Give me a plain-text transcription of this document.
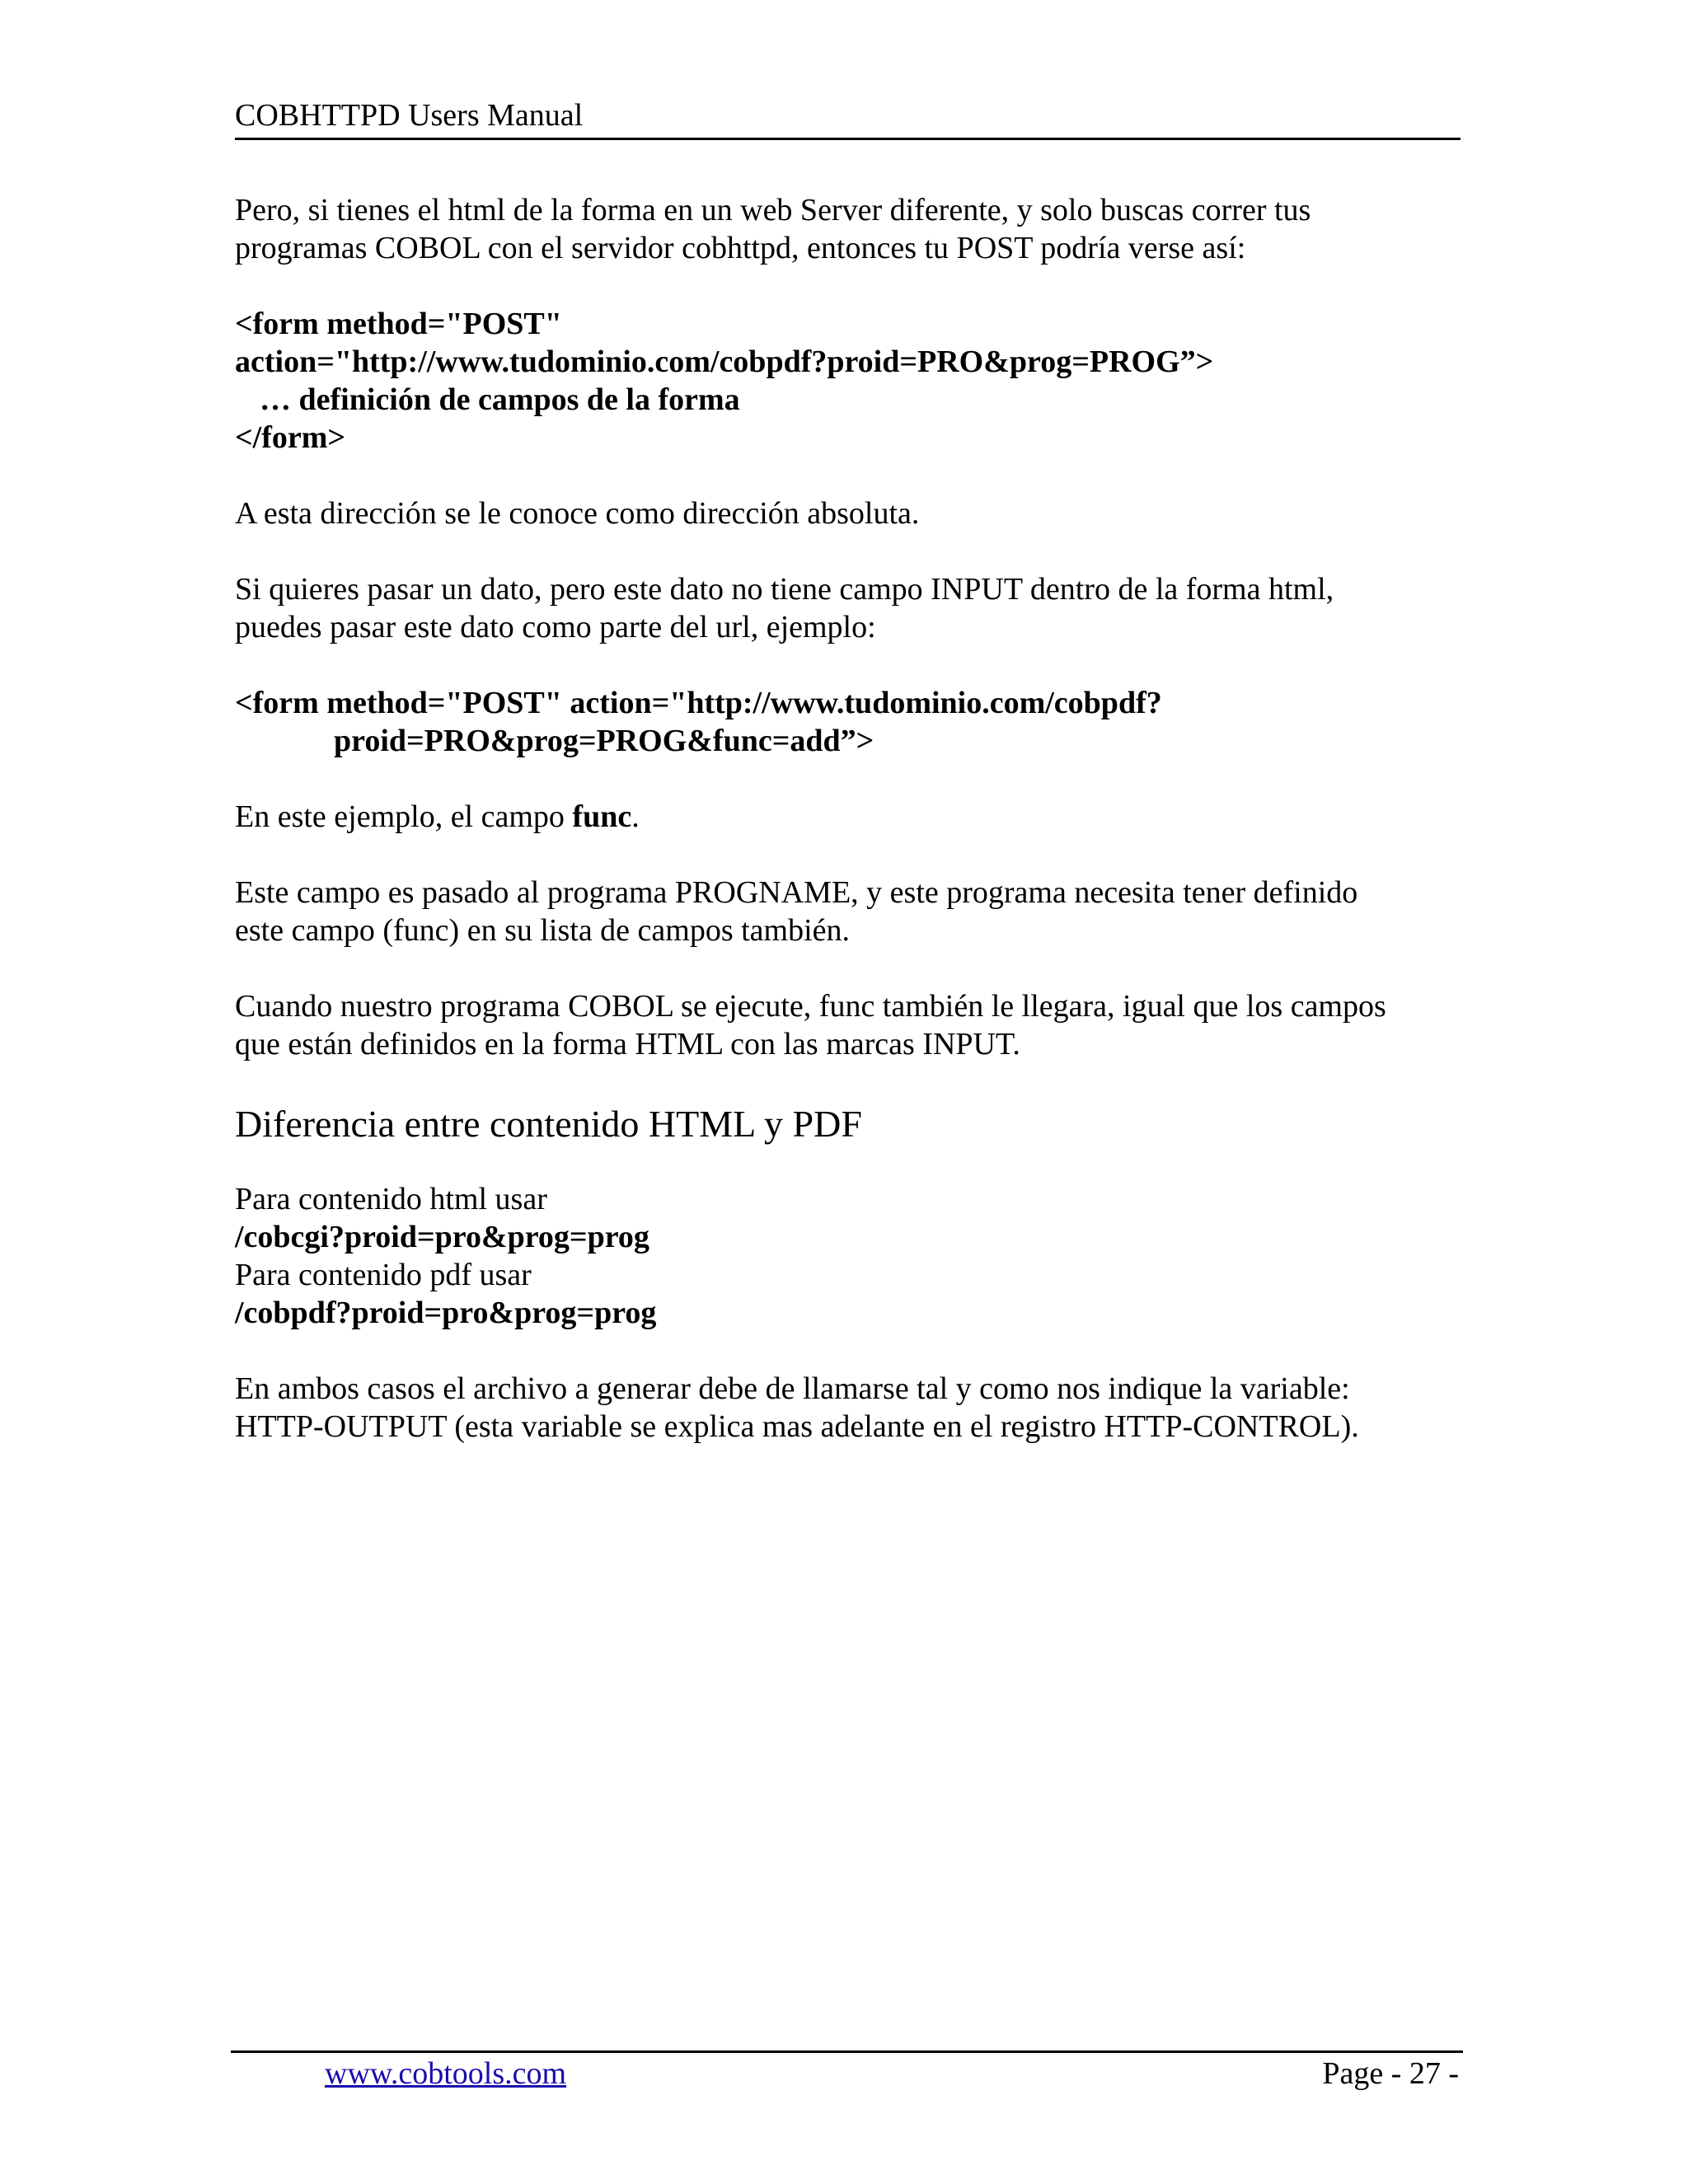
COBHTTPD Users Manual
Pero, si tienes el html de la forma en un web Server diferente, y solo buscas correr tus
programas COBOL con el servidor cobhttpd, entonces tu POST podría verse así:
<form method="POST"
action="http://www.tudominio.com/cobpdf?proid=PRO&prog=PROG”>
… definición de campos de la forma
</form>
A esta dirección se le conoce como dirección absoluta.
Si quieres pasar un dato, pero este dato no tiene campo INPUT dentro de la forma html,
puedes pasar este dato como parte del url, ejemplo:
<form method="POST" action="http://www.tudominio.com/cobpdf?
proid=PRO&prog=PROG&func=add”>
En este ejemplo, el campo func.
Este campo es pasado al programa PROGNAME, y este programa necesita tener definido
este campo (func) en su lista de campos también.
Cuando nuestro programa COBOL se ejecute, func también le llegara, igual que los campos
que están definidos en la forma HTML con las marcas INPUT.
Diferencia entre contenido HTML y PDF
Para contenido html usar
/cobcgi?proid=pro&prog=prog
Para contenido pdf usar
/cobpdf?proid=pro&prog=prog
En ambos casos el archivo a generar debe de llamarse tal y como nos indique la variable:
HTTP-OUTPUT (esta variable se explica mas adelante en el registro HTTP-CONTROL).
www.cobtools.com	Page - 27 -
